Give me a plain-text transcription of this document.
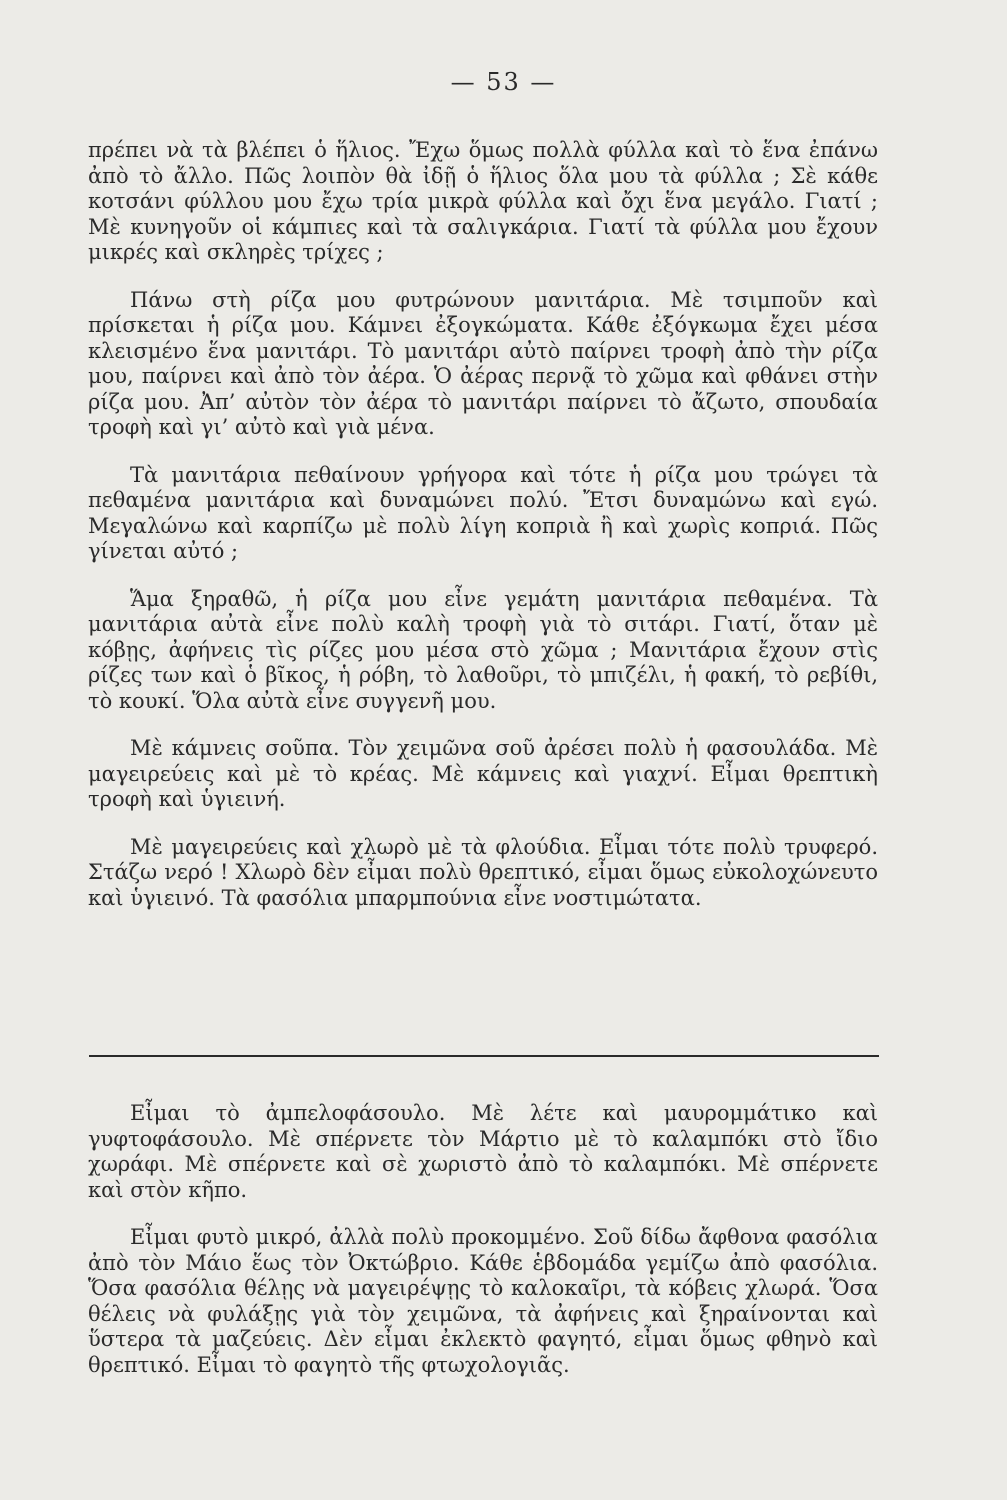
— 53 —

πρέπει νὰ τὰ βλέπει ὁ ἥλιος. Ἔχω ὅμως πολλὰ φύλλα καὶ τὸ ἕνα ἐπάνω ἀπὸ τὸ ἄλλο. Πῶς λοιπὸν θὰ ἰδῇ ὁ ἥλιος ὅλα μου τὰ φύλλα ; Σὲ κάθε κοτσάνι φύλλου μου ἔχω τρία μικρὰ φύλλα καὶ ὄχι ἕνα μεγάλο. Γιατί ; Μὲ κυνηγοῦν οἱ κάμπιες καὶ τὰ σαλιγκάρια. Γιατί τὰ φύλλα μου ἔχουν μικρές καὶ σκληρὲς τρίχες ;

Πάνω στὴ ρίζα μου φυτρώνουν μανιτάρια. Μὲ τσιμποῦν καὶ πρίσκεται ἡ ρίζα μου. Κάμνει ἐξογκώματα. Κάθε ἐξόγκωμα ἔχει μέσα κλεισμένο ἕνα μανιτάρι. Τὸ μανιτάρι αὐτὸ παίρνει τροφὴ ἀπὸ τὴν ρίζα μου, παίρνει καὶ ἀπὸ τὸν ἀέρα. Ὁ ἀέρας περνᾷ τὸ χῶμα καὶ φθάνει στὴν ρίζα μου. Ἀπ’ αὐτὸν τὸν ἀέρα τὸ μανιτάρι παίρνει τὸ ἄζωτο, σπουδαία τροφὴ καὶ γι’ αὐτὸ καὶ γιὰ μένα.

Τὰ μανιτάρια πεθαίνουν γρήγορα καὶ τότε ἡ ρίζα μου τρώγει τὰ πεθαμένα μανιτάρια καὶ δυναμώνει πολύ. Ἔτσι δυναμώνω καὶ εγώ. Μεγαλώνω καὶ καρπίζω μὲ πολὺ λίγη κοπριὰ ἢ καὶ χωρὶς κοπριά. Πῶς γίνεται αὐτό ;

Ἅμα ξηραθῶ, ἡ ρίζα μου εἶνε γεμάτη μανιτάρια πεθαμένα. Τὰ μανιτάρια αὐτὰ εἶνε πολὺ καλὴ τροφὴ γιὰ τὸ σιτάρι. Γιατί, ὅταν μὲ κόβῃς, ἀφήνεις τὶς ρίζες μου μέσα στὸ χῶμα ; Μανιτάρια ἔχουν στὶς ρίζες των καὶ ὁ βῖκος, ἡ ρόβη, τὸ λαθοῦρι, τὸ μπιζέλι, ἡ φακή, τὸ ρεβίθι, τὸ κουκί. Ὅλα αὐτὰ εἶνε συγγενῆ μου.

Μὲ κάμνεις σοῦπα. Τὸν χειμῶνα σοῦ ἀρέσει πολὺ ἡ φασουλάδα. Μὲ μαγειρεύεις καὶ μὲ τὸ κρέας. Μὲ κάμνεις καὶ γιαχνί. Εἶμαι θρεπτικὴ τροφὴ καὶ ὑγιεινή.

Μὲ μαγειρεύεις καὶ χλωρὸ μὲ τὰ φλούδια. Εἶμαι τότε πολὺ τρυφερό. Στάζω νερό ! Χλωρὸ δὲν εἶμαι πολὺ θρεπτικό, εἶμαι ὅμως εὐκολοχώνευτο καὶ ὑγιεινό. Τὰ φασόλια μπαρμπούνια εἶνε νοστιμώτατα.

Εἶμαι τὸ ἀμπελοφάσουλο. Μὲ λέτε καὶ μαυρομμάτικο καὶ γυφτοφάσουλο. Μὲ σπέρνετε τὸν Μάρτιο μὲ τὸ καλαμπόκι στὸ ἴδιο χωράφι. Μὲ σπέρνετε καὶ σὲ χωριστὸ ἀπὸ τὸ καλαμπόκι. Μὲ σπέρνετε καὶ στὸν κῆπο.

Εἶμαι φυτὸ μικρό, ἀλλὰ πολὺ προκομμένο. Σοῦ δίδω ἄφθονα φασόλια ἀπὸ τὸν Μάιο ἕως τὸν Ὀκτώβριο. Κάθε ἑβδομάδα γεμίζω ἀπὸ φασόλια. Ὅσα φασόλια θέλῃς νὰ μαγειρέψῃς τὸ καλοκαῖρι, τὰ κόβεις χλωρά. Ὅσα θέλεις νὰ φυλάξῃς γιὰ τὸν χειμῶνα, τὰ ἀφήνεις καὶ ξηραίνονται καὶ ὕστερα τὰ μαζεύεις. Δὲν εἶμαι ἐκλεκτὸ φαγητό, εἶμαι ὅμως φθηνὸ καὶ θρεπτικό. Εἶμαι τὸ φαγητὸ τῆς φτωχολογιᾶς.
